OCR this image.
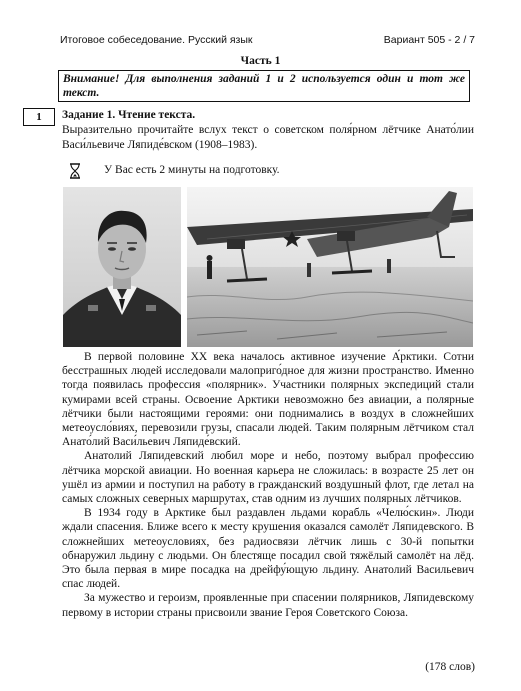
Итоговое собеседование. Русский язык	Вариант 505 - 2 / 7
Часть 1
Внимание! Для выполнения заданий 1 и 2 используется один и тот же текст.
1	Задание 1. Чтение текста.
Выразительно прочитайте вслух текст о советском поля́рном лётчике Анато́лии Васи́льевиче Ляпиде́вском (1908–1983).
У Вас есть 2 минуты на подготовку.

В первой половине XX века началось активное изучение А́рктики. Сотни бесстрашных людей исследовали малоприго́дное для жизни пространство. Именно тогда появилась профессия «полярник». Участники полярных экспедиций стали кумирами всей страны. Освоение Арктики невозможно без авиации, а полярные лётчики были настоящими героями: они поднимались в воздух в сложнейших метеоусло́виях, перевозили грузы, спасали людей. Таким полярным лётчиком стал Анато́лий Васи́льевич Ляпиде́вский.

Анатолий Ляпидевский любил море и небо, поэтому выбрал профессию лётчика морской авиации. Но военная карьера не сложилась: в возрасте 25 лет он ушёл из армии и поступил на работу в гражданский воздушный флот, где летал на самых сложных северных маршрутах, став одним из лучших полярных лётчиков.

В 1934 году в Арктике был раздавлен льдами корабль «Челю́скин». Люди ждали спасения. Ближе всего к месту крушения оказался самолёт Ляпидевского. В сложнейших метеоусловиях, без радиосвязи лётчик лишь с 30-й попытки обнаружил льдину с людьми. Он блестяще посадил свой тяжёлый самолёт на лёд. Это была первая в мире посадка на дрейфу́ющую льдину. Анатолий Васильевич спас людей.

За мужество и героизм, проявленные при спасении полярников, Ляпидевскому первому в истории страны присвоили звание Героя Советского Союза.

(178 слов)
